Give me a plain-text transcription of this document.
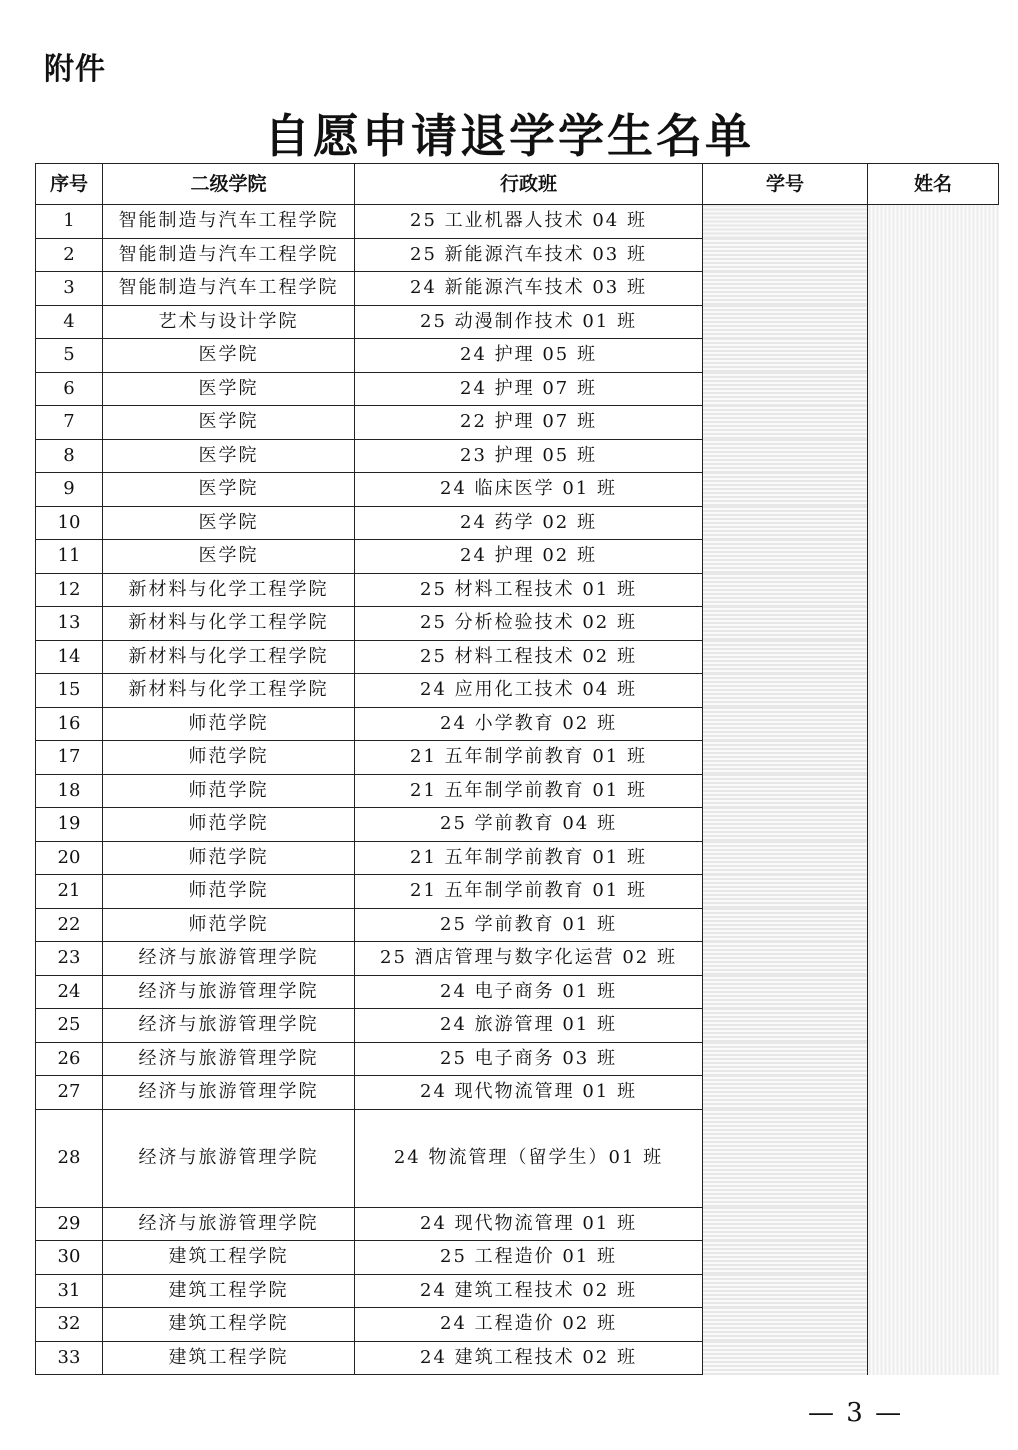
附件
自愿申请退学学生名单
序号	二级学院	行政班	学号	姓名
1	智能制造与汽车工程学院	25 工业机器人技术 04 班		
2	智能制造与汽车工程学院	25 新能源汽车技术 03 班		
3	智能制造与汽车工程学院	24 新能源汽车技术 03 班		
4	艺术与设计学院	25 动漫制作技术 01 班		
5	医学院	24 护理 05 班		
6	医学院	24 护理 07 班		
7	医学院	22 护理 07 班		
8	医学院	23 护理 05 班		
9	医学院	24 临床医学 01 班		
10	医学院	24 药学 02 班		
11	医学院	24 护理 02 班		
12	新材料与化学工程学院	25 材料工程技术 01 班		
13	新材料与化学工程学院	25 分析检验技术 02 班		
14	新材料与化学工程学院	25 材料工程技术 02 班		
15	新材料与化学工程学院	24 应用化工技术 04 班		
16	师范学院	24 小学教育 02 班		
17	师范学院	21 五年制学前教育 01 班		
18	师范学院	21 五年制学前教育 01 班		
19	师范学院	25 学前教育 04 班		
20	师范学院	21 五年制学前教育 01 班		
21	师范学院	21 五年制学前教育 01 班		
22	师范学院	25 学前教育 01 班		
23	经济与旅游管理学院	25 酒店管理与数字化运营 02 班		
24	经济与旅游管理学院	24 电子商务 01 班		
25	经济与旅游管理学院	24 旅游管理 01 班		
26	经济与旅游管理学院	25 电子商务 03 班		
27	经济与旅游管理学院	24 现代物流管理 01 班		
28	经济与旅游管理学院	24 物流管理（留学生）01 班		
29	经济与旅游管理学院	24 现代物流管理 01 班		
30	建筑工程学院	25 工程造价 01 班		
31	建筑工程学院	24 建筑工程技术 02 班		
32	建筑工程学院	24 工程造价 02 班		
33	建筑工程学院	24 建筑工程技术 02 班		
— 3 —
